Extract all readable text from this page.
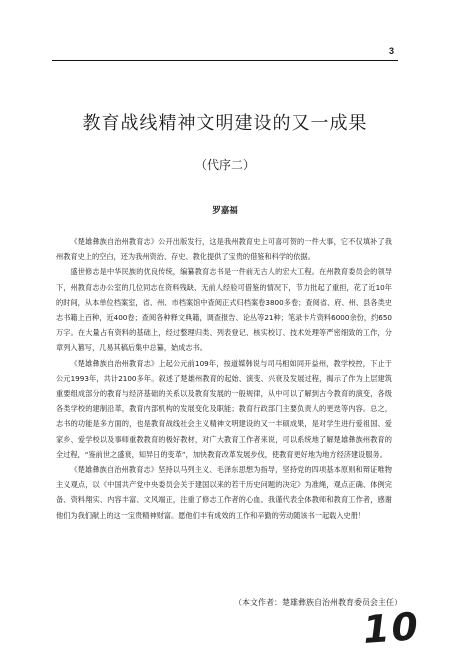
3
教育战线精神文明建设的又一成果
（代序二）
罗嘉福

《楚雄彝族自治州教育志》公开出版发行，这是我州教育史上可喜可贺的一件大事，它不仅填补了我州教育史上的空白，还为我州资治、存史、教化提供了宝贵的借鉴和科学的依据。

盛世修志是中华民族的优良传统，编纂教育志书是一件前无古人的宏大工程。在州教育委员会的领导下，州教育志办公室的几位同志在资料残缺、无前人经验可借鉴的情况下，节力批起了重担，花了近10年的时间，从本单位档案室，省、州、市档案馆中查阅正式归档案卷3800多卷；查阅省、府、州、县各类史志书籍上百种，近400卷；查阅各种释文典籍，调查报告、论丛等21种；笔录卡片资料6000余份，约650万字。在大量占有资料的基础上，经过整理归类、列表登记、核实校订、技术处理等严密细致的工作，分章列入篡写，几易其稿后集中总纂，始成志书。

《楚雄彝族自治州教育志》上起公元前109年，按道媒韩说与司马相如同开益州，教学校控，下止于公元1993年，共计2100多年。叙述了楚雄州教育的起始、演变、兴衰及发展过程，揭示了作为上层建筑重要组成部分的教育与经济基础的关系以及教育发展的一般规律，从中可以了解到古今教育的演变，各级各类学校的建制沿革，教育内部机构的发展变化及职能；教育行政部门主要负责人的更迭等内容。总之，志书的功能是多方面的，也是教育战线社会主义精神文明建设的又一丰硕成果，是对学生进行爱祖国、爱家乡、爱学校以及事师重教教育的极好教材，对广大教育工作者来说，可以系统地了解楚雄彝族州教育的全过程，“鉴前世之盛衰，知异日的变革”，加快教育改革发展步伐，使教育更好地为地方经济建设服务。

《楚雄彝族自治州教育志》坚持以马列主义、毛泽东思想为指导，坚持党的四项基本原则和辩证唯物主义观点，以《中国共产党中央委员会关于建国以来的若干历史问题的决定》为准绳，观点正确、体例完备、资料翔实、内容丰富、文风端正，注重了修志工作者的心血。我谨代表全体教师和教育工作者，感谢他们为我们献上的这一宝贵精神财富。愿他们丰有成效的工作和辛勤的劳动随该书一起载入史册！

（本文作者：楚雄彝族自治州教育委员会主任）
10
